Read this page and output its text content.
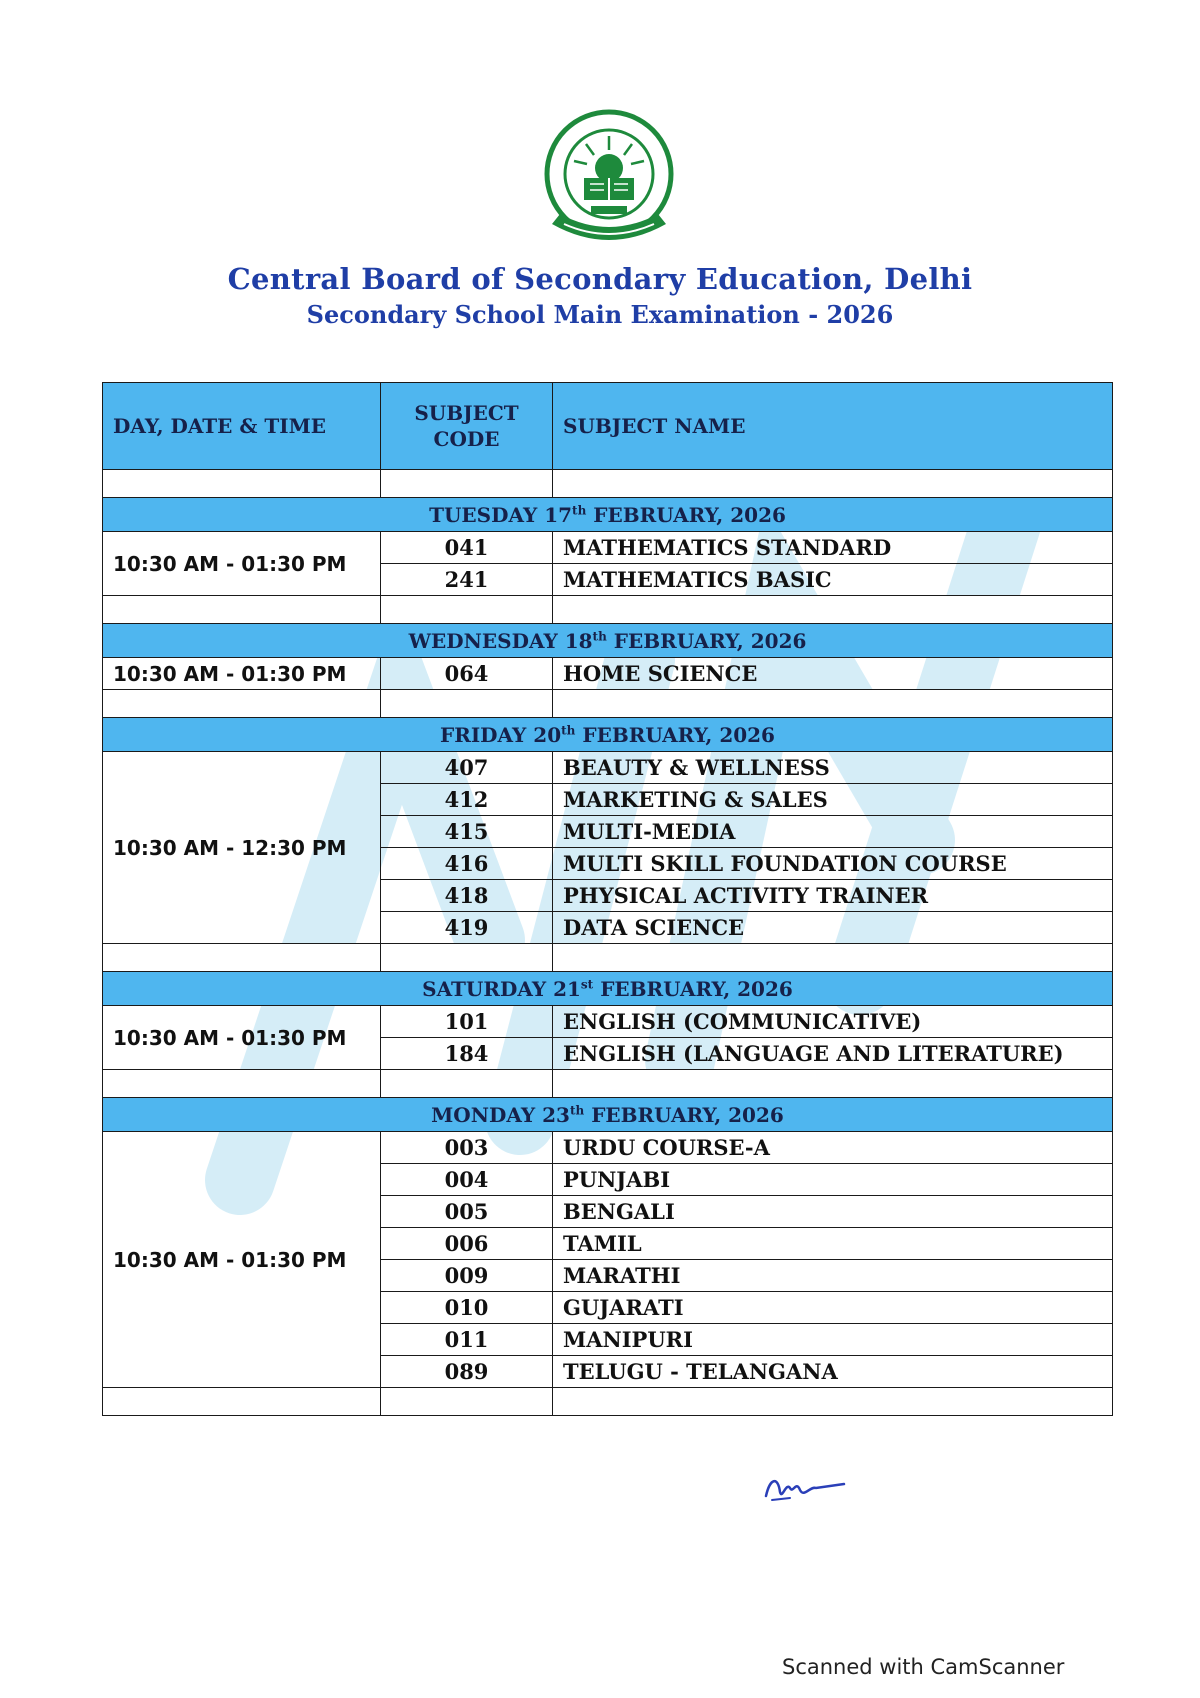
Central Board of Secondary Education, Delhi
Secondary School Main Examination - 2026
DAY, DATE & TIME	SUBJECT CODE	SUBJECT NAME

TUESDAY 17th FEBRUARY, 2026		
10:30 AM - 01:30 PM	041	MATHEMATICS STANDARD
	241	MATHEMATICS BASIC

WEDNESDAY 18th FEBRUARY, 2026		
10:30 AM - 01:30 PM	064	HOME SCIENCE

FRIDAY 20th FEBRUARY, 2026		
10:30 AM - 12:30 PM	407	BEAUTY & WELLNESS
	412	MARKETING & SALES
	415	MULTI-MEDIA
	416	MULTI SKILL FOUNDATION COURSE
	418	PHYSICAL ACTIVITY TRAINER
	419	DATA SCIENCE

SATURDAY 21st FEBRUARY, 2026		
10:30 AM - 01:30 PM	101	ENGLISH (COMMUNICATIVE)
	184	ENGLISH (LANGUAGE AND LITERATURE)

MONDAY 23th FEBRUARY, 2026		
10:30 AM - 01:30 PM	003	URDU COURSE-A
	004	PUNJABI
	005	BENGALI
	006	TAMIL
	009	MARATHI
	010	GUJARATI
	011	MANIPURI
	089	TELUGU - TELANGANA

Scanned with CamScanner
